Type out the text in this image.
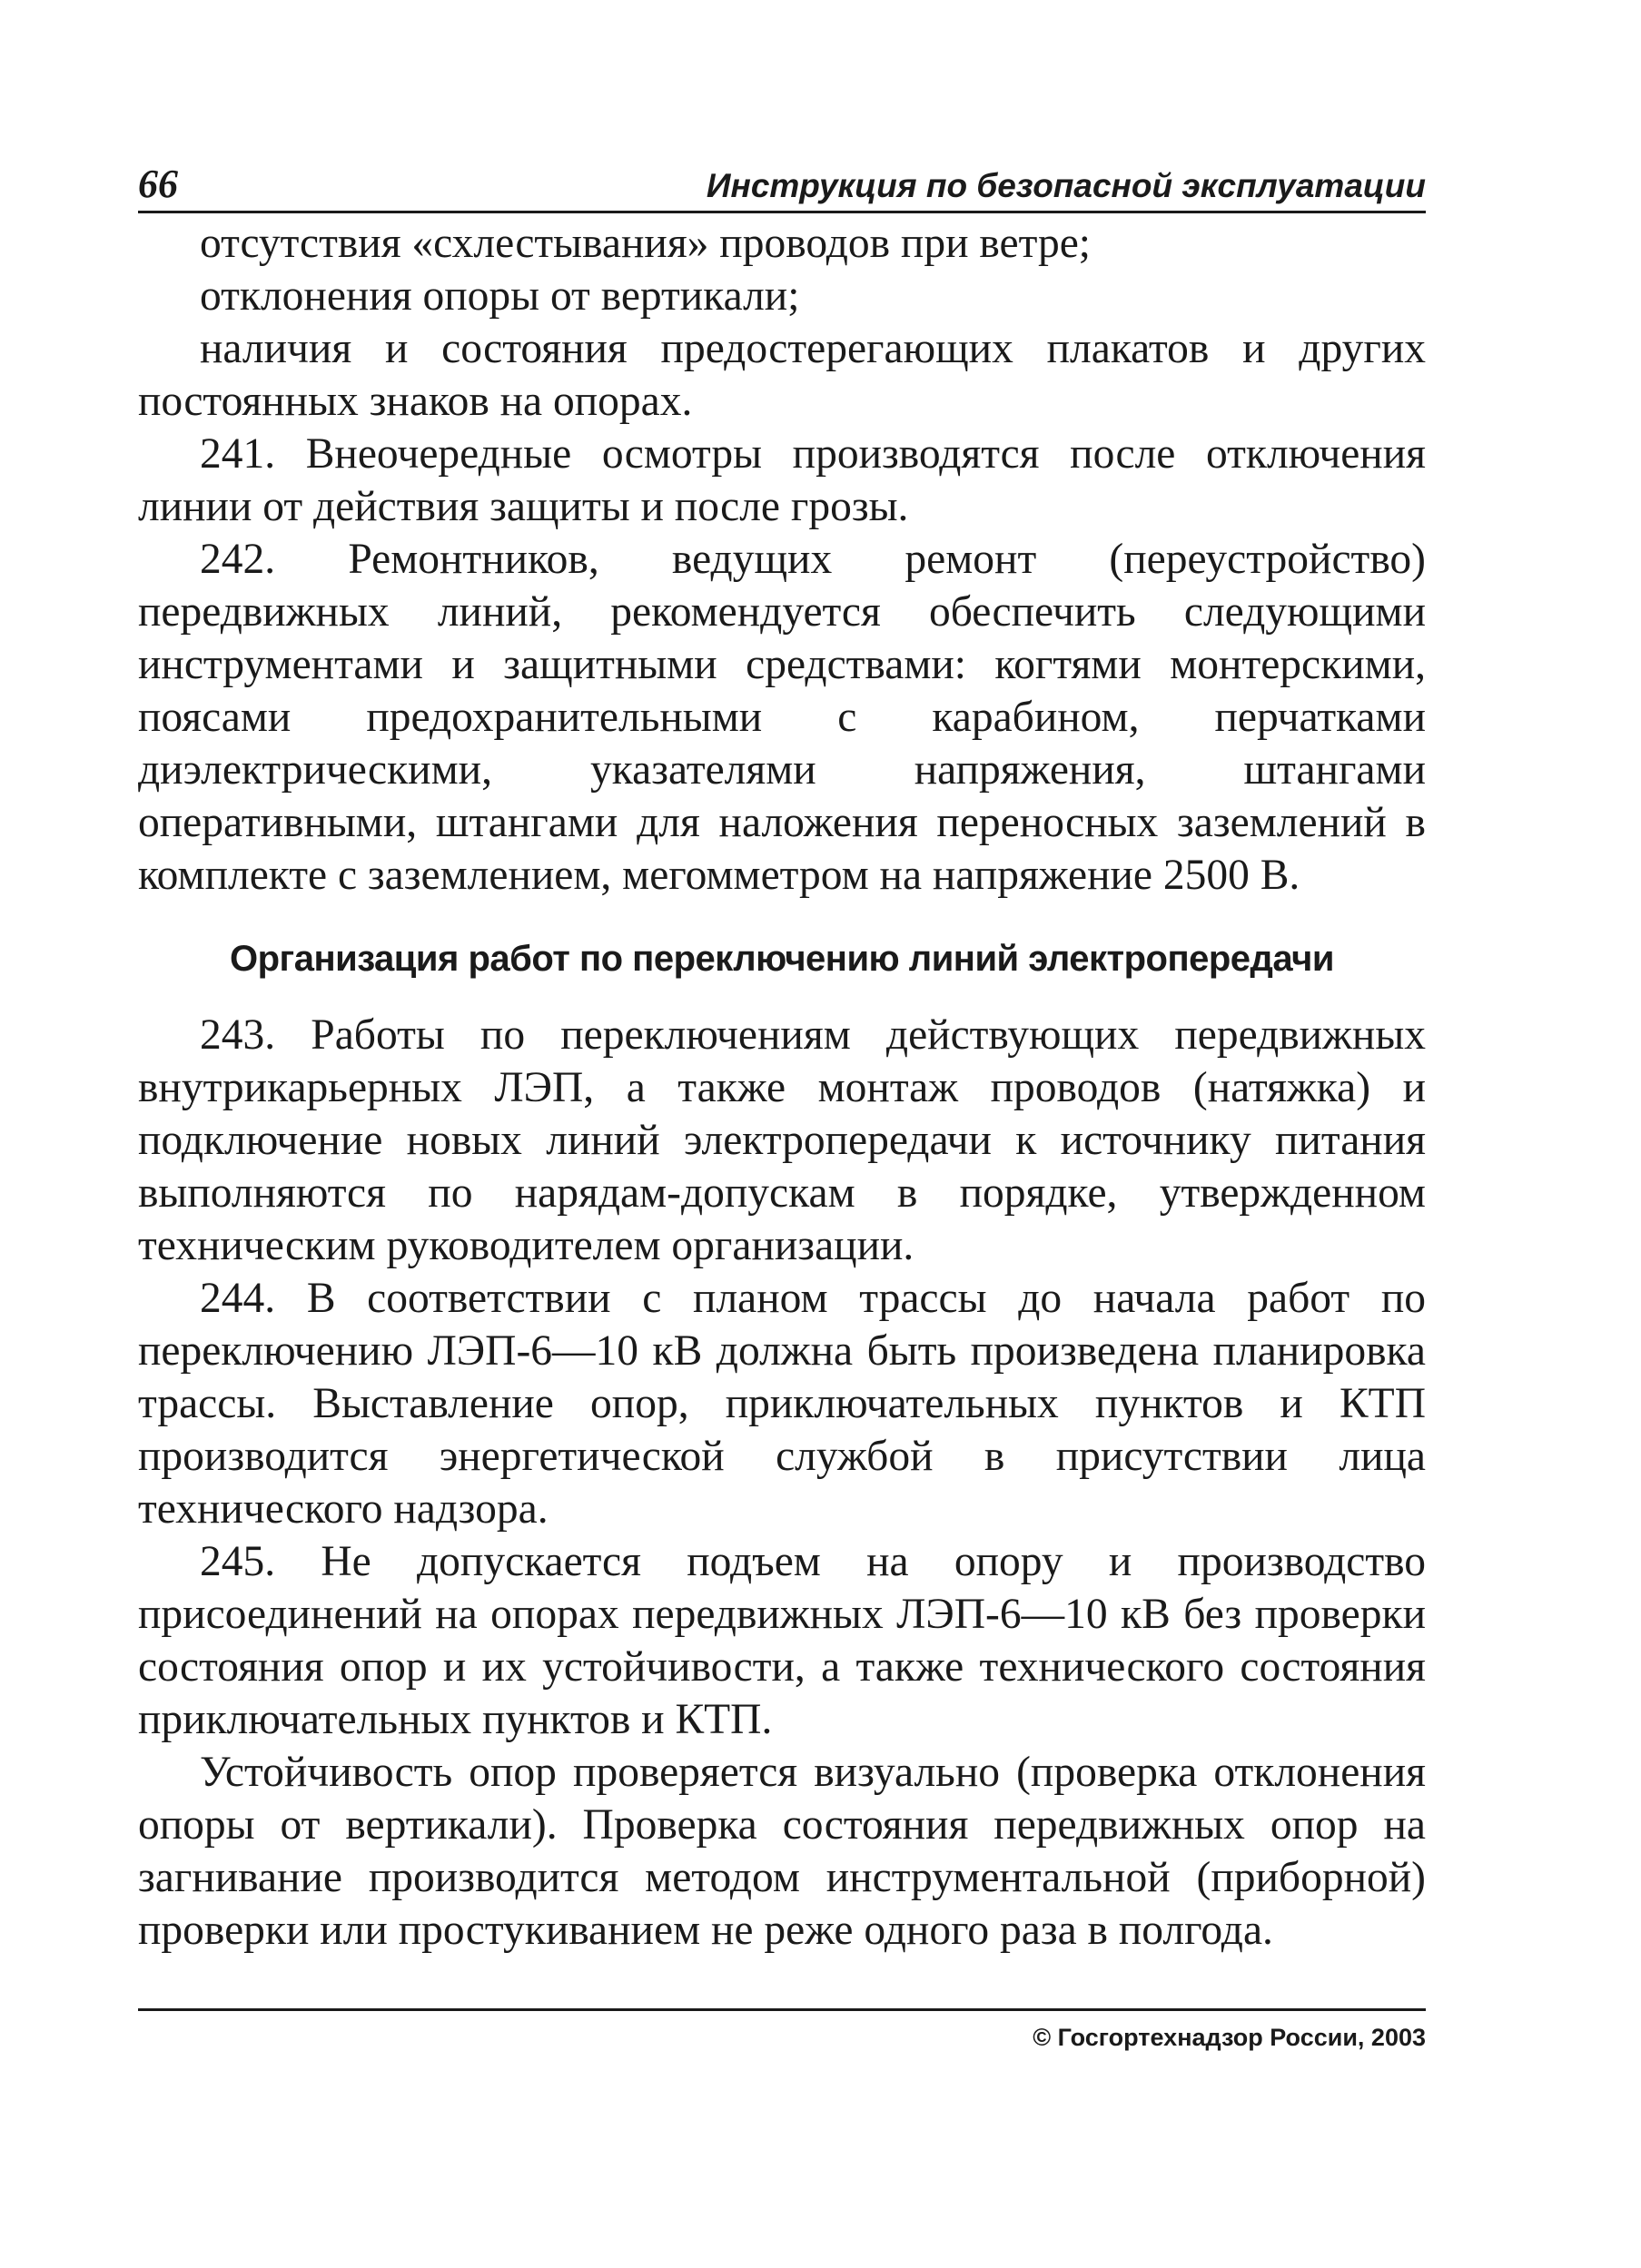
66	Инструкция по безопасной эксплуатации

отсутствия «схлестывания» проводов при ветре;

отклонения опоры от вертикали;

наличия и состояния предостерегающих плакатов и других постоянных знаков на опорах.

241. Внеочередные осмотры производятся после отключения линии от действия защиты и после грозы.

242. Ремонтников, ведущих ремонт (переустройство) передвижных линий, рекомендуется обеспечить следующими инструментами и защитными средствами: когтями монтерскими, поясами предохранительными с карабином, перчатками диэлектрическими, указателями напряжения, штангами оперативными, штангами для наложения переносных заземлений в комплекте с заземлением, мегомметром на напряжение 2500 В.

Организация работ по переключению линий электропередачи

243. Работы по переключениям действующих передвижных внутрикарьерных ЛЭП, а также монтаж проводов (натяжка) и подключение новых линий электропередачи к источнику питания выполняются по нарядам-допускам в порядке, утвержденном техническим руководителем организации.

244. В соответствии с планом трассы до начала работ по переключению ЛЭП-6—10 кВ должна быть произведена планировка трассы. Выставление опор, приключательных пунктов и КТП производится энергетической службой в присутствии лица технического надзора.

245. Не допускается подъем на опору и производство присоединений на опорах передвижных ЛЭП-6—10 кВ без проверки состояния опор и их устойчивости, а также технического состояния приключательных пунктов и КТП.

Устойчивость опор проверяется визуально (проверка отклонения опоры от вертикали). Проверка состояния передвижных опор на загнивание производится методом инструментальной (приборной) проверки или простукиванием не реже одного раза в полгода.

© Госгортехнадзор России, 2003
